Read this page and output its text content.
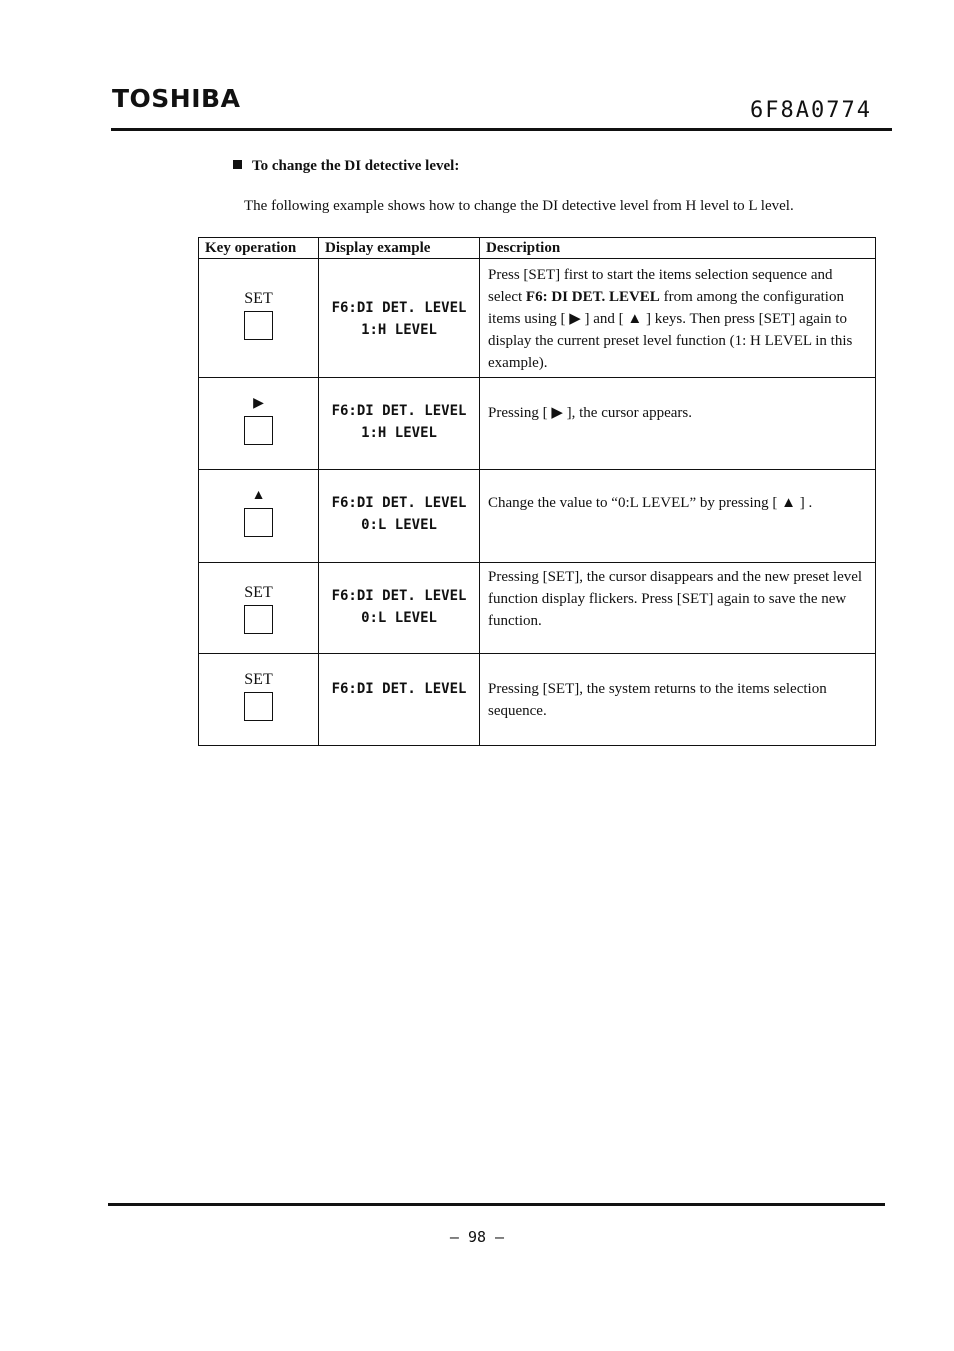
TOSHIBA	6F8A0774
To change the DI detective level:
The following example shows how to change the DI detective level from H level to L level.
Key operation	Display example	Description

SET	F6:DI DET. LEVEL
1:H LEVEL	Press [SET] first to start the items selection sequence and select F6: DI DET. LEVEL from among the configuration items using [ ▶ ] and [ ▲ ] keys. Then press [SET] again to display the current preset level function (1: H LEVEL in this example).

▶	F6:DI DET. LEVEL
1:H LEVEL	Pressing [ ▶ ], the cursor appears.

▲	F6:DI DET. LEVEL
0:L LEVEL	Change the value to “0:L LEVEL” by pressing [ ▲ ] .

SET	F6:DI DET. LEVEL
0:L LEVEL	Pressing [SET], the cursor disappears and the new preset level function display flickers. Press [SET] again to save the new function.

SET	F6:DI DET. LEVEL	Pressing [SET], the system returns to the items selection sequence.
– 98 –
